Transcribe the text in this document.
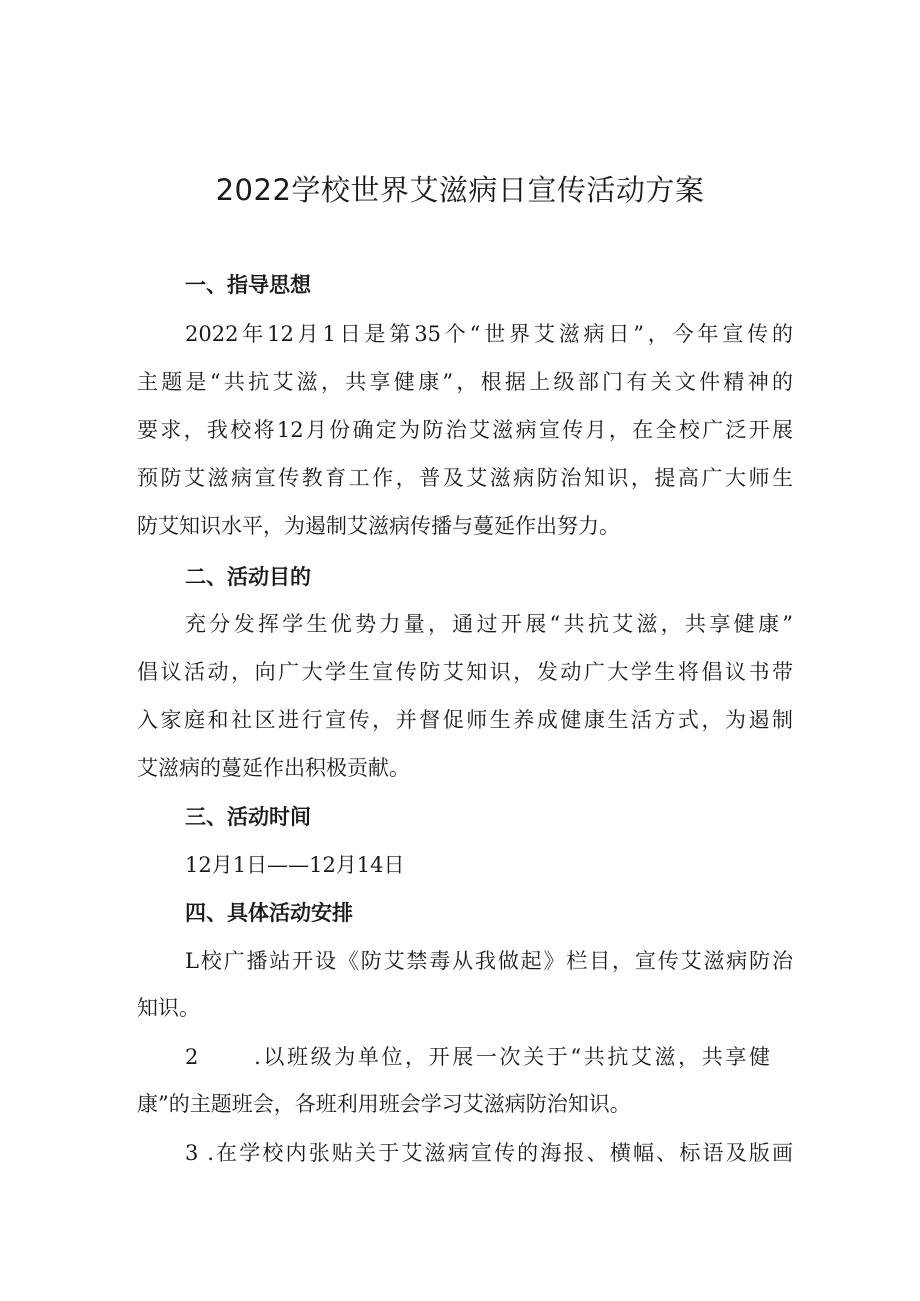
2022学校世界艾滋病日宣传活动方案
一、指导思想

2022年12月1日是第35个“世界艾滋病日”，今年宣传的

主题是“共抗艾滋，共享健康”，根据上级部门有关文件精神的

要求，我校将12月份确定为防治艾滋病宣传月，在全校广泛开展

预防艾滋病宣传教育工作，普及艾滋病防治知识，提高广大师生

防艾知识水平，为遏制艾滋病传播与蔓延作出努力。

二、活动目的

充分发挥学生优势力量，通过开展“共抗艾滋，共享健康”

倡议活动，向广大学生宣传防艾知识，发动广大学生将倡议书带

入家庭和社区进行宣传，并督促师生养成健康生活方式，为遏制

艾滋病的蔓延作出积极贡献。

三、活动时间

12月1日——12月14日

四、具体活动安排

L校广播站开设《防艾禁毒从我做起》栏目，宣传艾滋病防治

知识。

2      .以班级为单位，开展一次关于“共抗艾滋，共享健

康”的主题班会，各班利用班会学习艾滋病防治知识。

3 .在学校内张贴关于艾滋病宣传的海报、横幅、标语及版画
